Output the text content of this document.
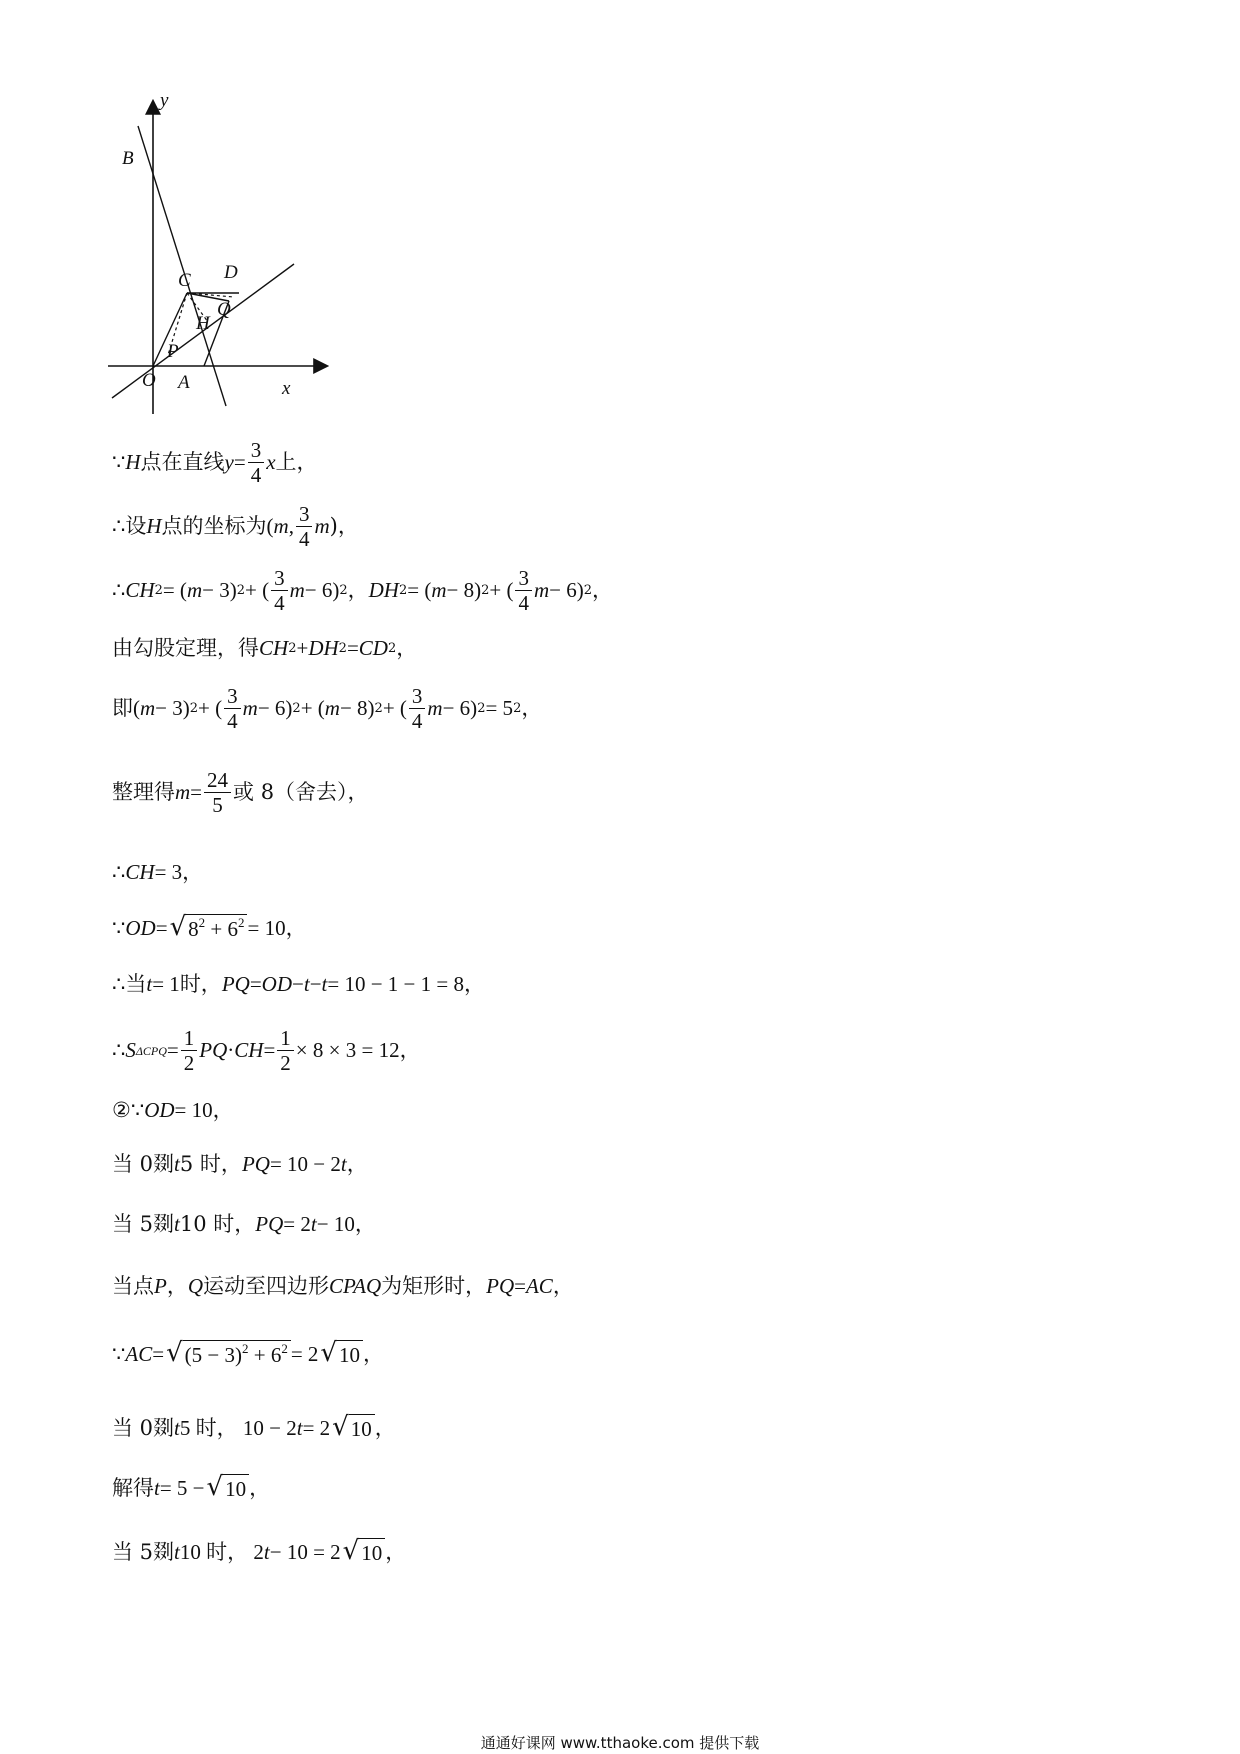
y
x
B
C D
Q
H
P
O A
∵ H 点在直线 $y = \frac{3}{4}$ x 上，
∴ 设 H 点的坐标为 ( m , $\frac{3}{4}$ m )，
∴ CH 2 = ( m − 3) 2 + ( $\frac{3}{4}$ m − 6) 2 ， DH 2 = ( m − 8) 2 + ( $\frac{3}{4}$ m − 6) 2 ，
由勾股定理，得 CH 2 + DH 2 = CD 2 ，
即 ( m − 3) 2 + ( $\frac{3}{4}$ m − 6) 2 + ( m − 8) 2 + ( $\frac{3}{4}$ m − 6) 2 = 5 2 ，
整理得 $m = \frac{24}{5}$ 或 8（舍去），
∴ CH = 3，
∵ OD = √ $8^2 + 6^2 = 10$，
∴ 当 t = 1 时， PQ = OD − t − t = 10 − 1 − 1 = 8，
∴ S $\Delta CPQ = \frac{1}{2}$ PQ · CH = $\frac{1}{2} \times 8 \times 3 = 12$，
② ∵ OD = 10，
当 0剟 t 5 时， PQ = 10 − 2 t ，
当 5剟 t 10 时， PQ = 2 t − 10，
当点 P ， Q 运动至四边形 CPAQ 为矩形时， PQ = AC ，
∵ AC = √ $(5 - 3)^2 + 6^2 = 2$ √ 10 ，
当 0剟 t 5 时， 10 − 2 t = 2 √ 10 ，
解得 t = 5 − √ 10 ，
当 5剟 t 10 时， 2 t − 10 = 2 √ 10 ，
通通好课网 www.tthaoke.com 提供下载
